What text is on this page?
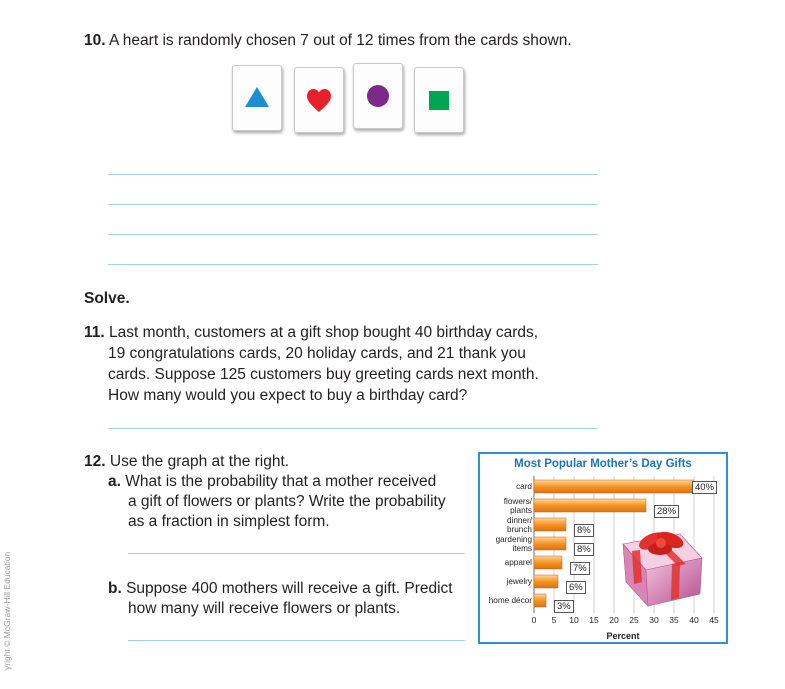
10. A heart is randomly chosen 7 out of 12 times from the cards shown.
Solve.
11. Last month, customers at a gift shop bought 40 birthday cards,
19 congratulations cards, 20 holiday cards, and 21 thank you
cards. Suppose 125 customers buy greeting cards next month.
How many would you expect to buy a birthday card?
12. Use the graph at the right.
a. What is the probability that a mother received
a gift of flowers or plants? Write the probability
as a fraction in simplest form.
b. Suppose 400 mothers will receive a gift. Predict
how many will receive flowers or plants.
yright © McGraw-Hill Education
Most Popular Mother’s Day Gifts
card
flowers/
plants
dinner/
brunch
gardening
items
apparel
jewelry
home décor
0	5	10	15	20	25	30	35	40	45
Percent
40%
28%
8%
8%
7%
6%
3%
